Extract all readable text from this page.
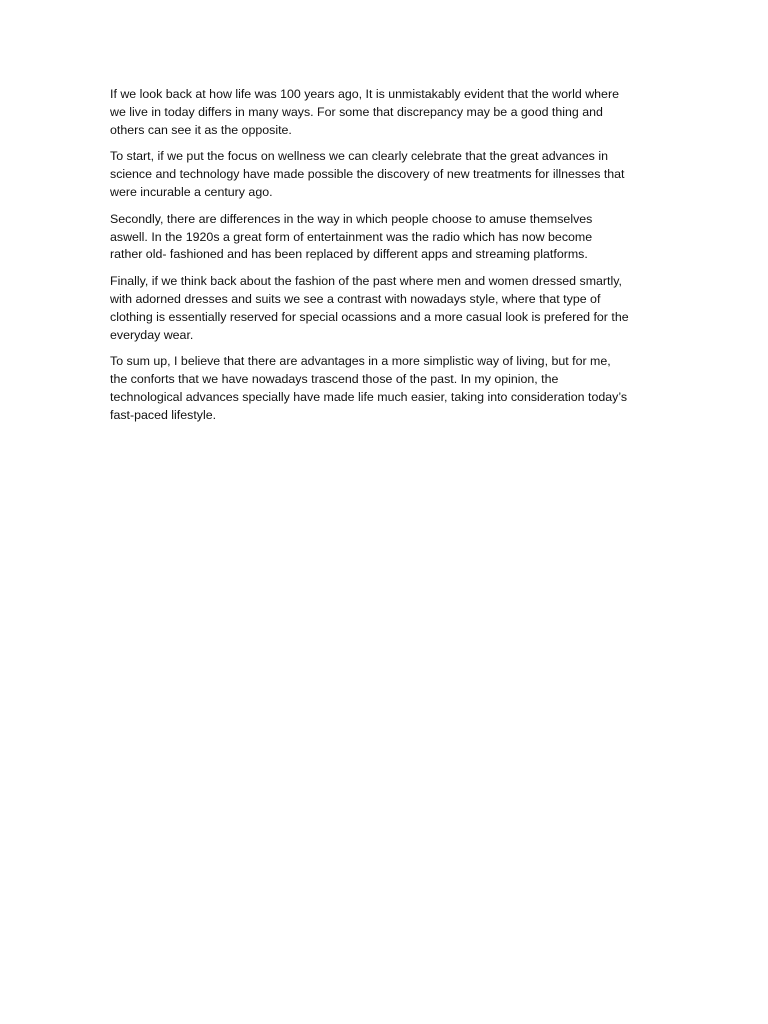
If we look back at how life was 100 years ago, It is unmistakably evident that the world where
we live in today differs in many ways. For some that discrepancy may be a good thing and
others can see it as the opposite.

To start, if we put the focus on wellness we can clearly celebrate that the great advances in
science and technology have made possible the discovery of new treatments for illnesses that
were incurable a century ago.

Secondly, there are differences in the way in which people choose to amuse themselves
aswell. In the 1920s a great form of entertainment was the radio which has now become
rather old- fashioned and has been replaced by different apps and streaming platforms.

Finally, if we think back about the fashion of the past where men and women dressed smartly,
with adorned dresses and suits we see a contrast with nowadays style, where that type of
clothing is essentially reserved for special ocassions and a more casual look is prefered for the
everyday wear.

To sum up, I believe that there are advantages in a more simplistic way of living, but for me,
the conforts that we have nowadays trascend those of the past. In my opinion, the
technological advances specially have made life much easier, taking into consideration today’s
fast-paced lifestyle.
